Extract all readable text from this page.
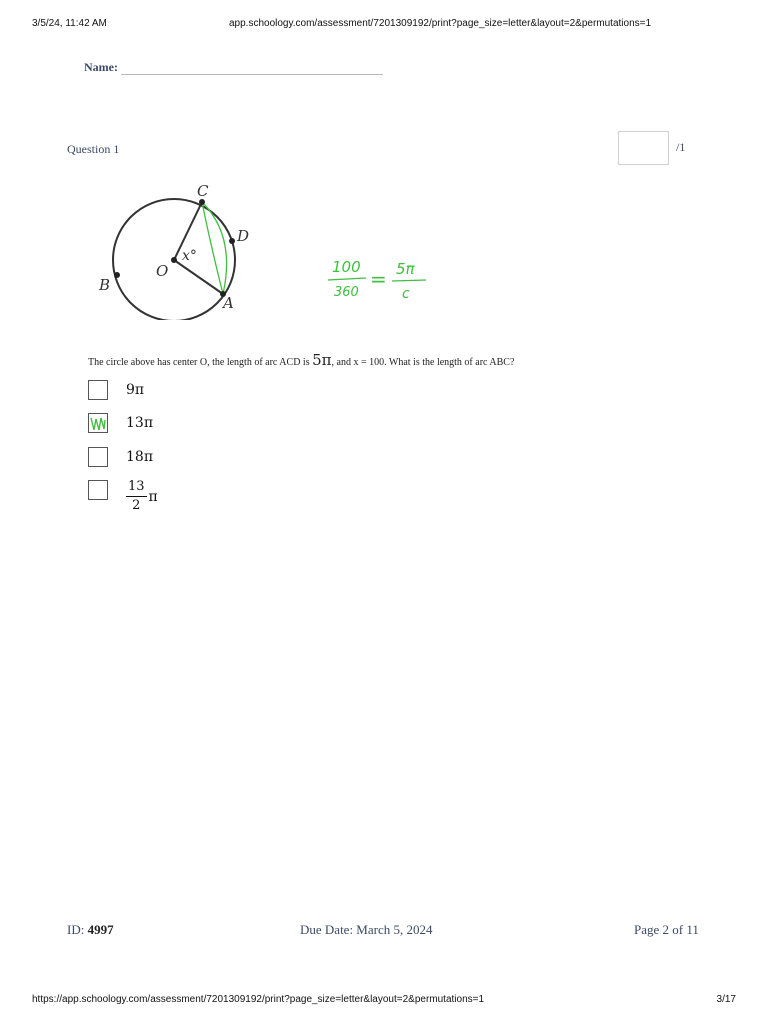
3/5/24, 11:42 AM	app.schoology.com/assessment/7201309192/print?page_size=letter&layout=2&permutations=1
Name:
Question 1	/1
C
D
O
B
A
x°
100
360
= 5π
c
The circle above has center O, the length of arc ACD is 5π, and x = 100. What is the length of arc ABC?
9π
13π
18π
$\frac{13}{2}$ π
ID: 4997	Due Date: March 5, 2024	Page 2 of 11
https://app.schoology.com/assessment/7201309192/print?page_size=letter&layout=2&permutations=1	3/17
